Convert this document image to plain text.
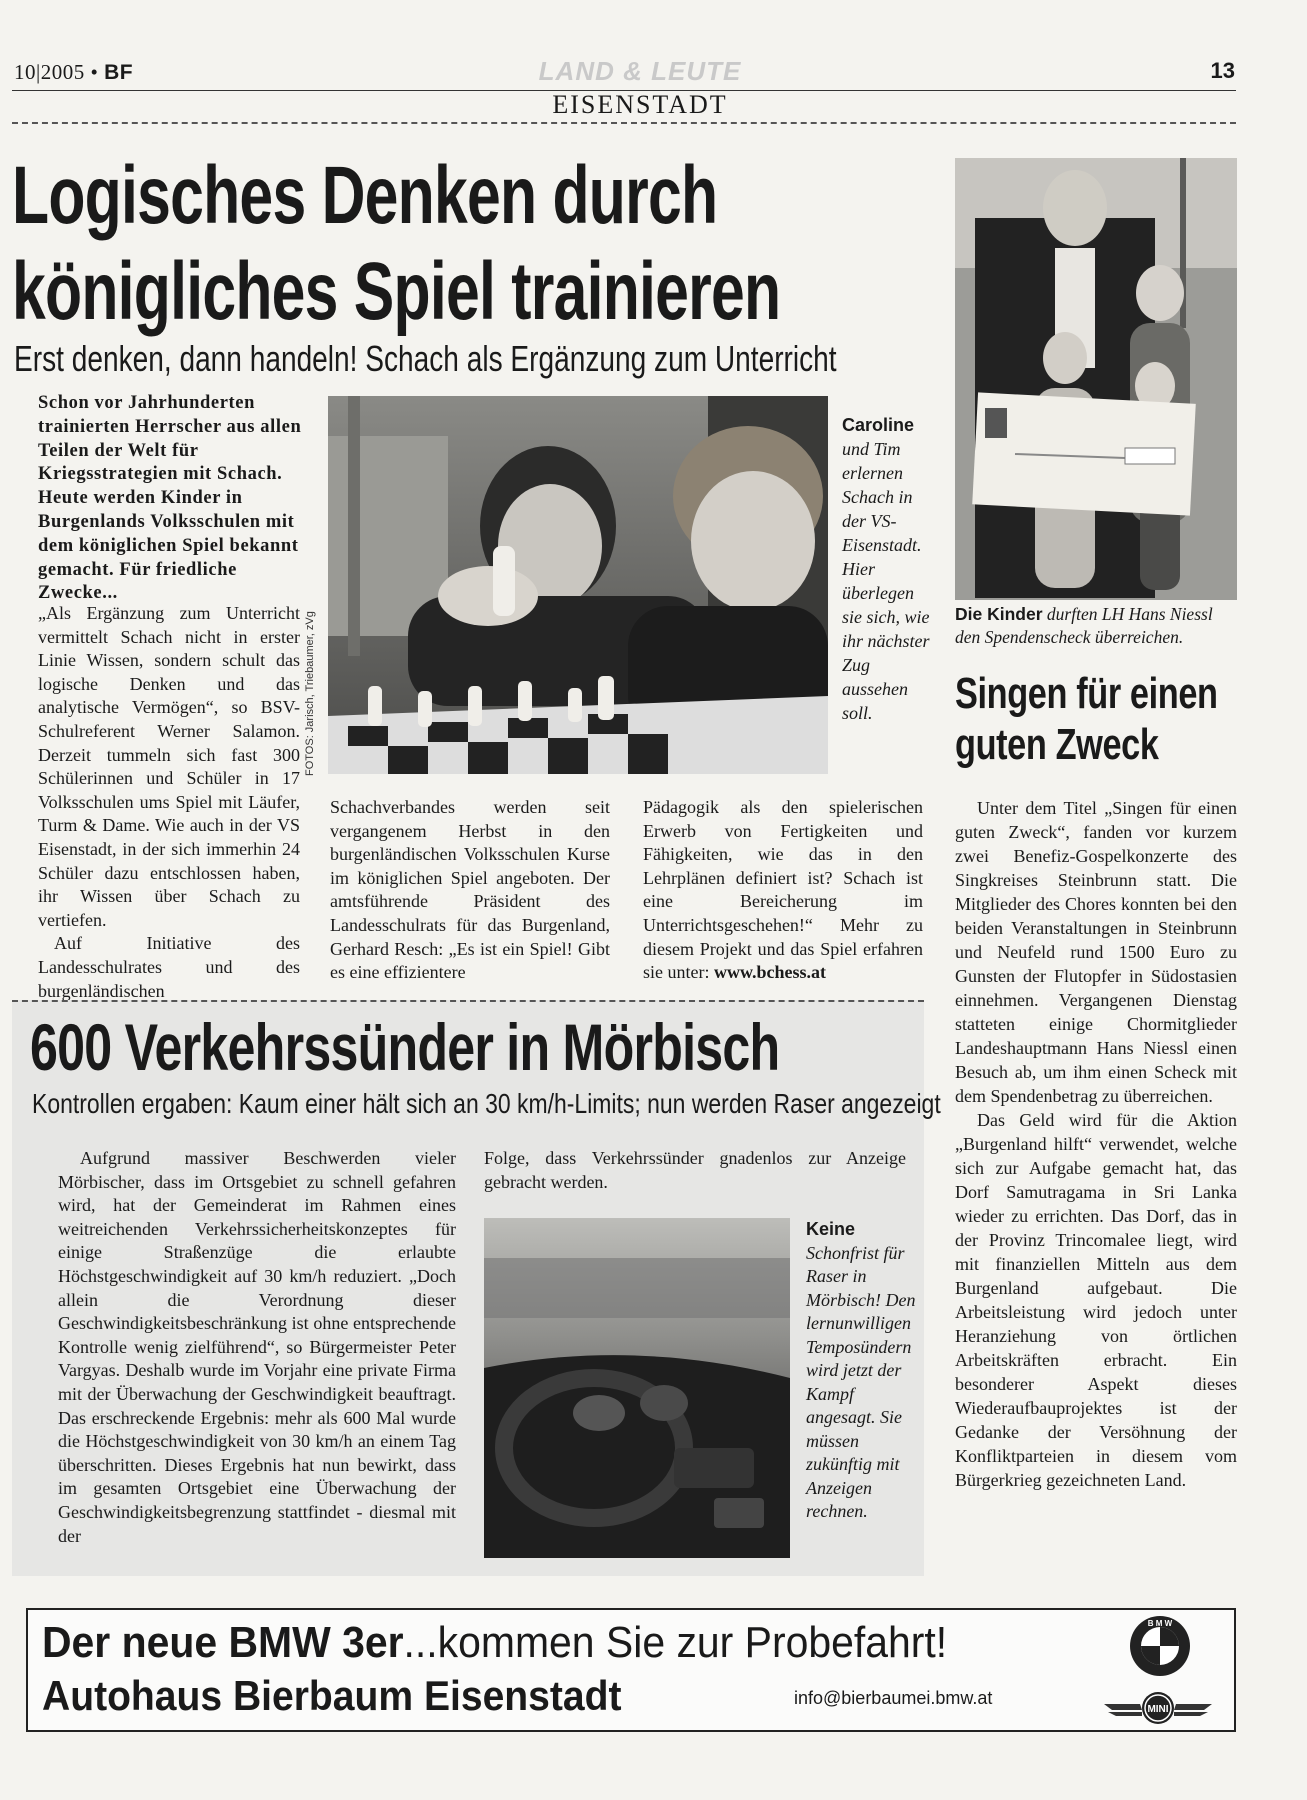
10|2005 • BF	LAND & LEUTE	13
EISENSTADT
Logisches Denken durch
königliches Spiel trainieren
Erst denken, dann handeln! Schach als Ergänzung zum Unterricht
Schon vor Jahrhunderten trainierten Herrscher aus allen Teilen der Welt für Kriegsstrategien mit Schach. Heute werden Kinder in Burgenlands Volksschulen mit dem königlichen Spiel bekannt gemacht. Für friedliche Zwecke...

„Als Ergänzung zum Unterricht vermittelt Schach nicht in erster Linie Wissen, sondern schult das logische Denken und das analytische Vermögen“, so BSV-Schulreferent Werner Salamon. Derzeit tummeln sich fast 300 Schülerinnen und Schüler in 17 Volksschulen ums Spiel mit Läufer, Turm & Dame. Wie auch in der VS Eisenstadt, in der sich immerhin 24 Schüler dazu entschlossen haben, ihr Wissen über Schach zu vertiefen.

Auf Initiative des Landesschulrates und des burgenländischen

FOTOS: Jarisch, Triebaumer, zVg
Caroline und Tim erlernen Schach in der VS-Eisenstadt. Hier überlegen sie sich, wie ihr nächster Zug aussehen soll.

Schachverbandes werden seit vergangenem Herbst in den burgenländischen Volksschulen Kurse im königlichen Spiel angeboten. Der amtsführende Präsident des Landesschulrats für das Burgenland, Gerhard Resch: „Es ist ein Spiel! Gibt es eine effizientere

Pädagogik als den spielerischen Erwerb von Fertigkeiten und Fähigkeiten, wie das in den Lehrplänen definiert ist? Schach ist eine Bereicherung im Unterrichtsgeschehen!“ Mehr zu diesem Projekt und das Spiel erfahren sie unter: www.bchess.at

Die Kinder durften LH Hans Niessl den Spendenscheck überreichen.
Singen für einen
guten Zweck

Unter dem Titel „Singen für einen guten Zweck“, fanden vor kurzem zwei Benefiz-Gospelkonzerte des Singkreises Steinbrunn statt. Die Mitglieder des Chores konnten bei den beiden Veranstaltungen in Steinbrunn und Neufeld rund 1500 Euro zu Gunsten der Flutopfer in Südostasien einnehmen. Vergangenen Dienstag statteten einige Chormitglieder Landeshauptmann Hans Niessl einen Besuch ab, um ihm einen Scheck mit dem Spendenbetrag zu überreichen.

Das Geld wird für die Aktion „Burgenland hilft“ verwendet, welche sich zur Aufgabe gemacht hat, das Dorf Samutragama in Sri Lanka wieder zu errichten. Das Dorf, das in der Provinz Trincomalee liegt, wird mit finanziellen Mitteln aus dem Burgenland aufgebaut. Die Arbeitsleistung wird jedoch unter Heranziehung von örtlichen Arbeitskräften erbracht. Ein besonderer Aspekt dieses Wiederaufbauprojektes ist der Gedanke der Versöhnung der Konfliktparteien in diesem vom Bürgerkrieg gezeichneten Land.

600 Verkehrssünder in Mörbisch
Kontrollen ergaben: Kaum einer hält sich an 30 km/h-Limits; nun werden Raser angezeigt

Aufgrund massiver Beschwerden vieler Mörbischer, dass im Ortsgebiet zu schnell gefahren wird, hat der Gemeinderat im Rahmen eines weitreichenden Verkehrssicherheitskonzeptes für einige Straßenzüge die erlaubte Höchstgeschwindigkeit auf 30 km/h reduziert. „Doch allein die Verordnung dieser Geschwindigkeitsbeschränkung ist ohne entsprechende Kontrolle wenig zielführend“, so Bürgermeister Peter Vargyas. Deshalb wurde im Vorjahr eine private Firma mit der Überwachung der Geschwindigkeit beauftragt. Das erschreckende Ergebnis: mehr als 600 Mal wurde die Höchstgeschwindigkeit von 30 km/h an einem Tag überschritten. Dieses Ergebnis hat nun bewirkt, dass im gesamten Ortsgebiet eine Überwachung der Geschwindigkeitsbegrenzung stattfindet - diesmal mit der

Folge, dass Verkehrssünder gnadenlos zur Anzeige gebracht werden.

Keine Schonfrist für Raser in Mörbisch! Den lernunwilligen Temposündern wird jetzt der Kampf angesagt. Sie müssen zukünftig mit Anzeigen rechnen.
Der neue BMW 3er...kommen Sie zur Probefahrt!
Autohaus Bierbaum Eisenstadt	info@bierbaumei.bmw.at
B M W
MINI
